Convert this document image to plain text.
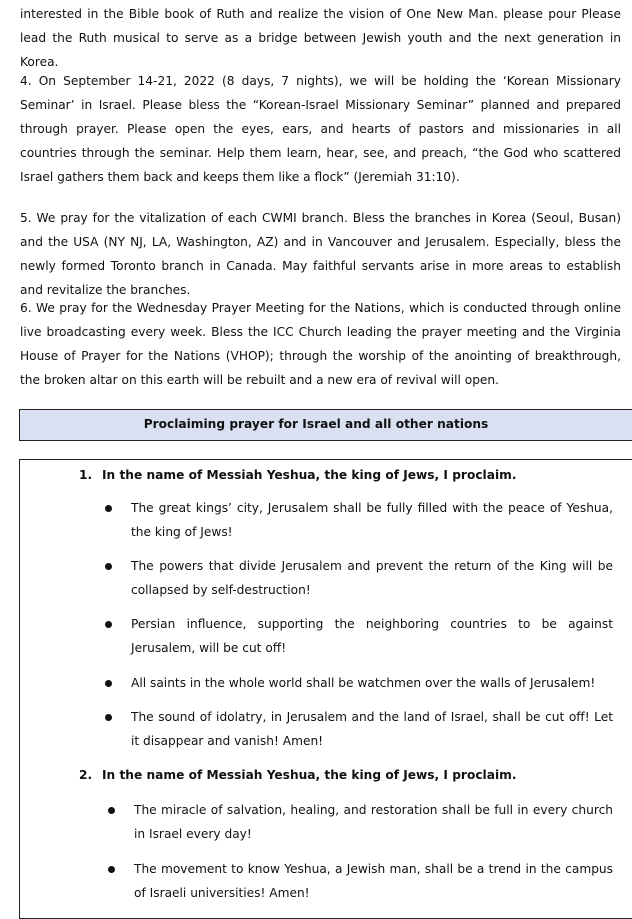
interested in the Bible book of Ruth and realize the vision of One New Man. please pour Please lead the Ruth musical to serve as a bridge between Jewish youth and the next generation in Korea.

4. On September 14-21, 2022 (8 days, 7 nights), we will be holding the ‘Korean Missionary Seminar’ in Israel. Please bless the “Korean-Israel Missionary Seminar” planned and prepared through prayer. Please open the eyes, ears, and hearts of pastors and missionaries in all countries through the seminar. Help them learn, hear, see, and preach, “the God who scattered Israel gathers them back and keeps them like a flock” (Jeremiah 31:10).

5. We pray for the vitalization of each CWMI branch. Bless the branches in Korea (Seoul, Busan) and the USA (NY NJ, LA, Washington, AZ) and in Vancouver and Jerusalem. Especially, bless the newly formed Toronto branch in Canada. May faithful servants arise in more areas to establish and revitalize the branches.

6. We pray for the Wednesday Prayer Meeting for the Nations, which is conducted through online live broadcasting every week. Bless the ICC Church leading the prayer meeting and the Virginia House of Prayer for the Nations (VHOP); through the worship of the anointing of breakthrough, the broken altar on this earth will be rebuilt and a new era of revival will open.

Proclaiming prayer for Israel and all other nations
1. In the name of Messiah Yeshua, the king of Jews, I proclaim.

The great kings’ city, Jerusalem shall be fully filled with the peace of Yeshua, the king of Jews!

The powers that divide Jerusalem and prevent the return of the King will be collapsed by self-destruction!

Persian influence, supporting the neighboring countries to be against Jerusalem, will be cut off!

All saints in the whole world shall be watchmen over the walls of Jerusalem!

The sound of idolatry, in Jerusalem and the land of Israel, shall be cut off! Let it disappear and vanish! Amen!

2. In the name of Messiah Yeshua, the king of Jews, I proclaim.

The miracle of salvation, healing, and restoration shall be full in every church in Israel every day!

The movement to know Yeshua, a Jewish man, shall be a trend in the campus of Israeli universities! Amen!
